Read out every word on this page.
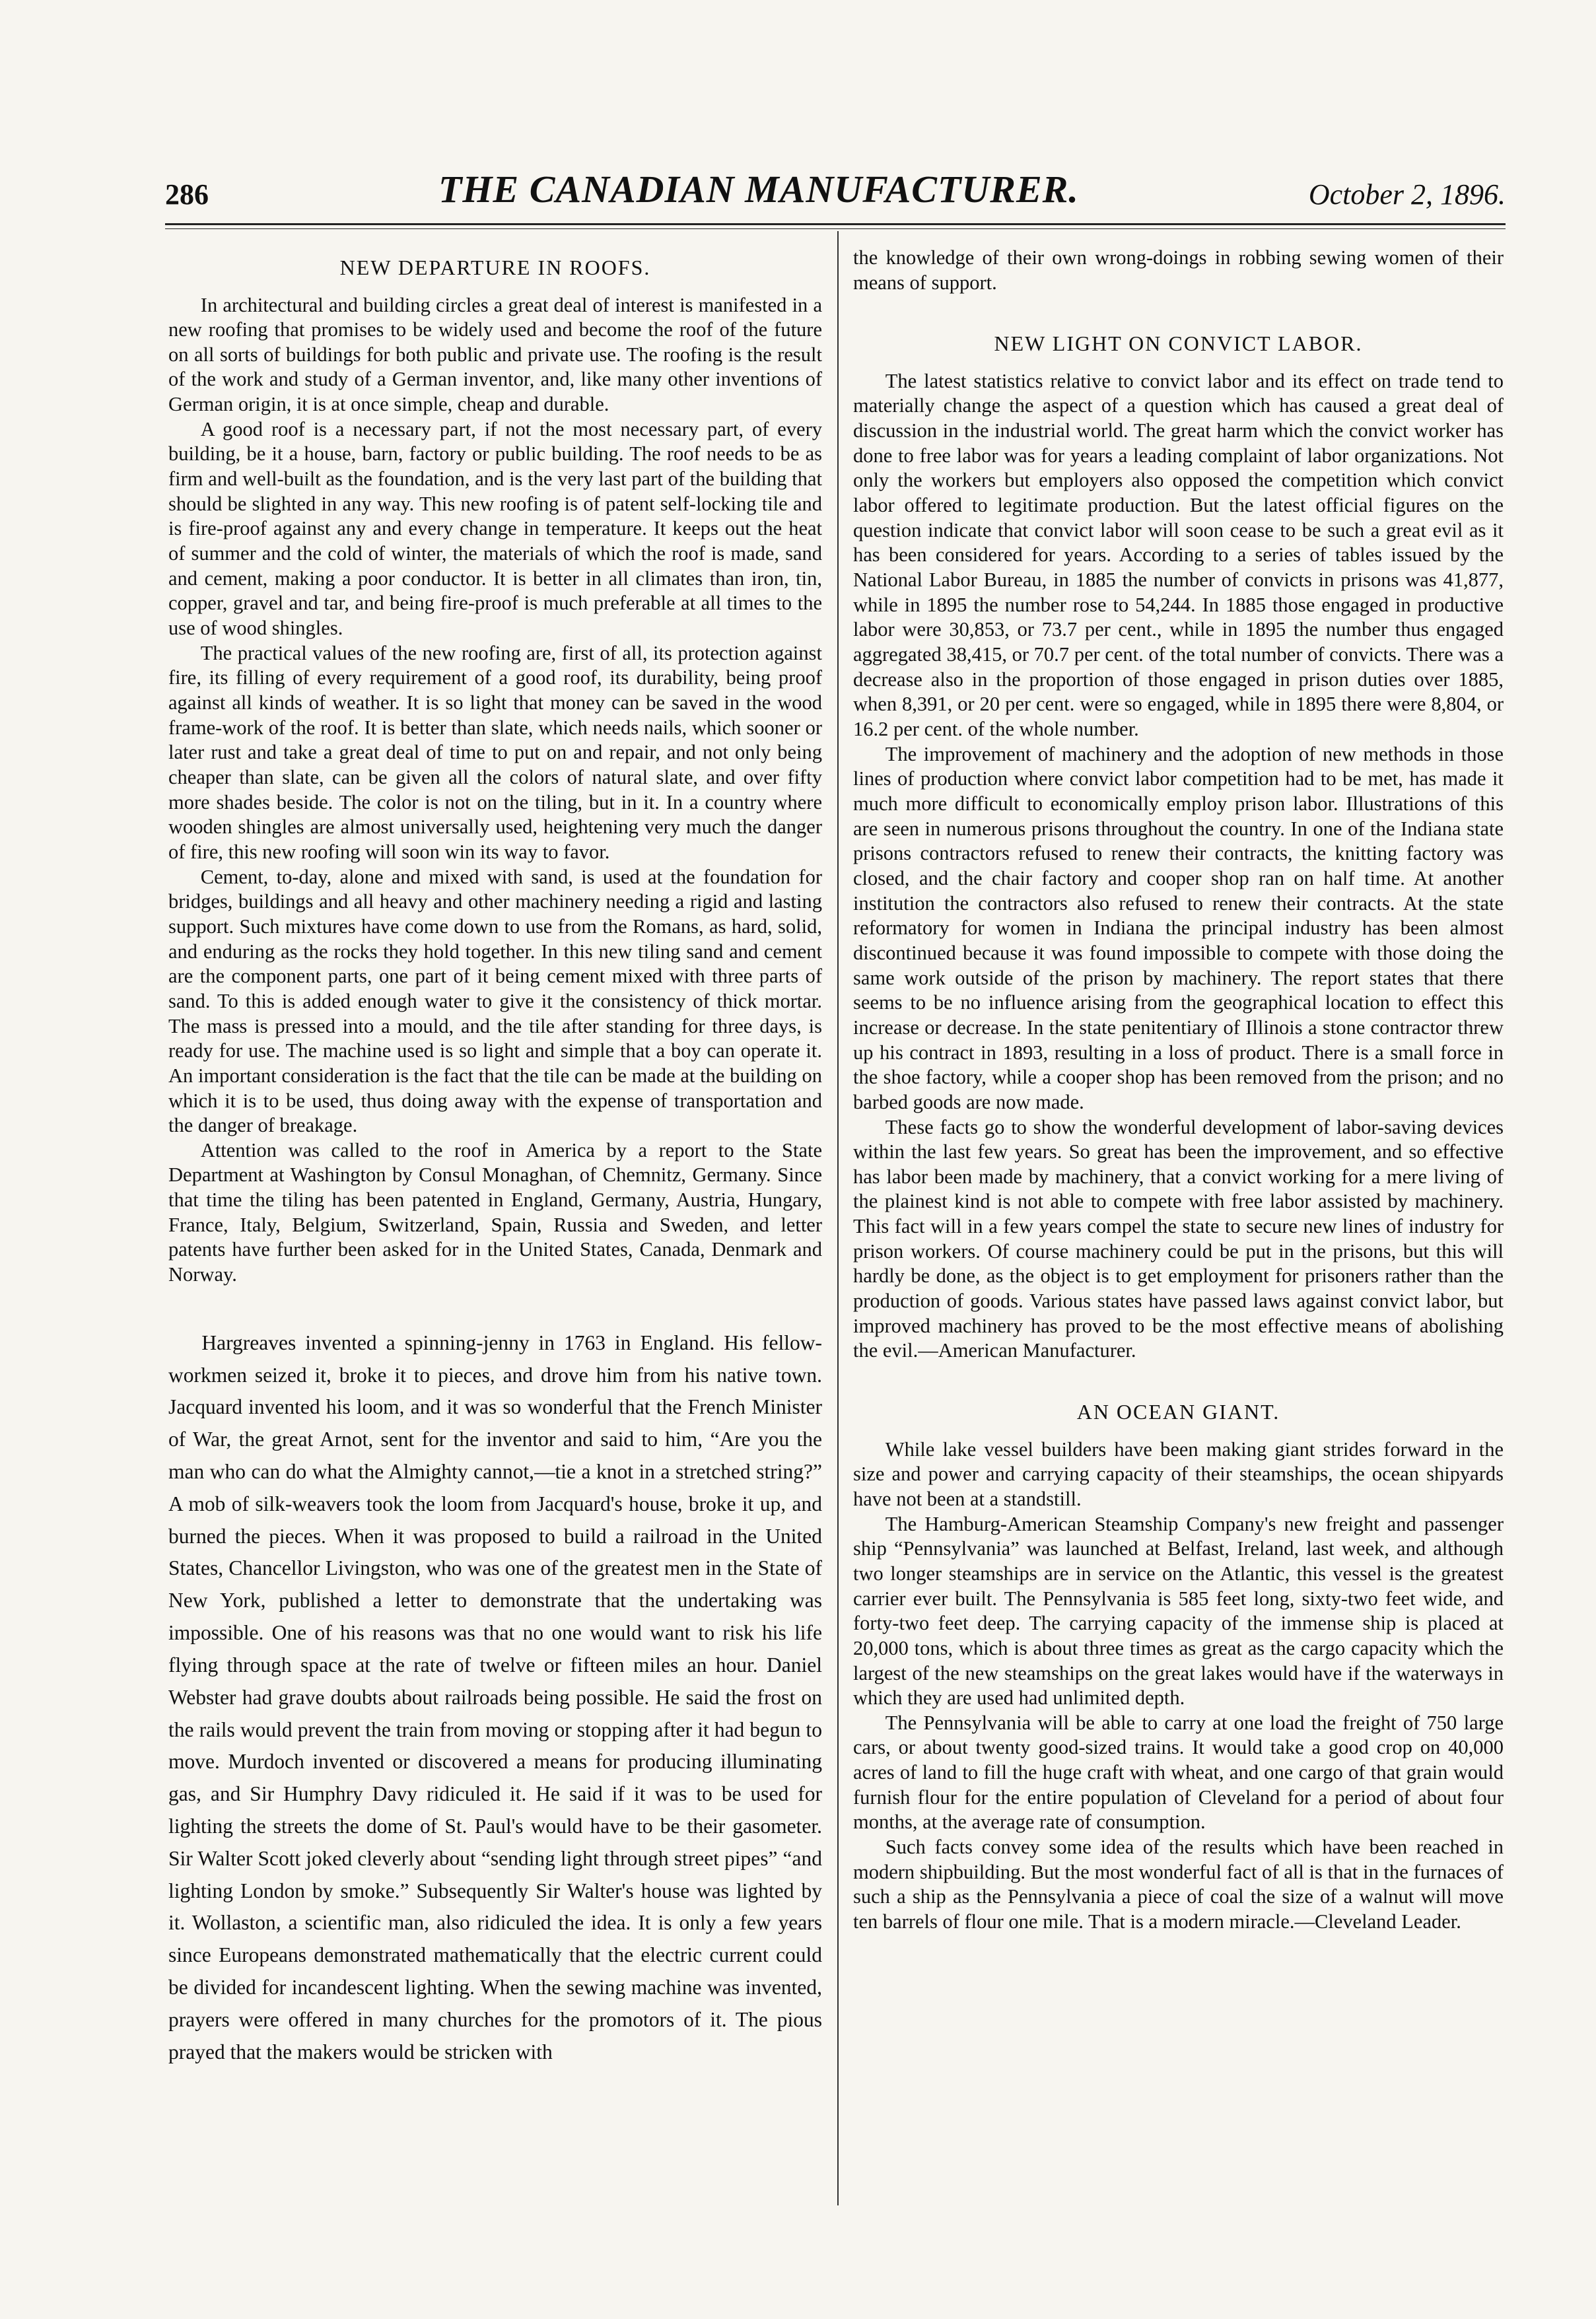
286	THE CANADIAN MANUFACTURER.	October 2, 1896.
NEW DEPARTURE IN ROOFS.

In architectural and building circles a great deal of interest is manifested in a new roofing that promises to be widely used and become the roof of the future on all sorts of buildings for both public and private use. The roofing is the result of the work and study of a German inventor, and, like many other inventions of German origin, it is at once simple, cheap and durable.

A good roof is a necessary part, if not the most necessary part, of every building, be it a house, barn, factory or public building. The roof needs to be as firm and well-built as the foundation, and is the very last part of the building that should be slighted in any way. This new roofing is of patent self-locking tile and is fire-proof against any and every change in temperature. It keeps out the heat of summer and the cold of winter, the materials of which the roof is made, sand and cement, making a poor conductor. It is better in all climates than iron, tin, copper, gravel and tar, and being fire-proof is much preferable at all times to the use of wood shingles.

The practical values of the new roofing are, first of all, its protection against fire, its filling of every requirement of a good roof, its durability, being proof against all kinds of weather. It is so light that money can be saved in the wood frame-work of the roof. It is better than slate, which needs nails, which sooner or later rust and take a great deal of time to put on and repair, and not only being cheaper than slate, can be given all the colors of natural slate, and over fifty more shades beside. The color is not on the tiling, but in it. In a country where wooden shingles are almost universally used, heightening very much the danger of fire, this new roofing will soon win its way to favor.

Cement, to-day, alone and mixed with sand, is used at the foundation for bridges, buildings and all heavy and other machinery needing a rigid and lasting support. Such mixtures have come down to use from the Romans, as hard, solid, and enduring as the rocks they hold together. In this new tiling sand and cement are the component parts, one part of it being cement mixed with three parts of sand. To this is added enough water to give it the consistency of thick mortar. The mass is pressed into a mould, and the tile after standing for three days, is ready for use. The machine used is so light and simple that a boy can operate it. An important consideration is the fact that the tile can be made at the building on which it is to be used, thus doing away with the expense of transportation and the danger of breakage.

Attention was called to the roof in America by a report to the State Department at Washington by Consul Monaghan, of Chemnitz, Germany. Since that time the tiling has been patented in England, Germany, Austria, Hungary, France, Italy, Belgium, Switzerland, Spain, Russia and Sweden, and letter patents have further been asked for in the United States, Canada, Denmark and Norway.

Hargreaves invented a spinning-jenny in 1763 in England. His fellow-workmen seized it, broke it to pieces, and drove him from his native town. Jacquard invented his loom, and it was so wonderful that the French Minister of War, the great Arnot, sent for the inventor and said to him, “Are you the man who can do what the Almighty cannot,—tie a knot in a stretched string?” A mob of silk-weavers took the loom from Jacquard's house, broke it up, and burned the pieces. When it was proposed to build a railroad in the United States, Chancellor Livingston, who was one of the greatest men in the State of New York, published a letter to demonstrate that the undertaking was impossible. One of his reasons was that no one would want to risk his life flying through space at the rate of twelve or fifteen miles an hour. Daniel Webster had grave doubts about railroads being possible. He said the frost on the rails would prevent the train from moving or stopping after it had begun to move. Murdoch invented or discovered a means for producing illuminating gas, and Sir Humphry Davy ridiculed it. He said if it was to be used for lighting the streets the dome of St. Paul's would have to be their gasometer. Sir Walter Scott joked cleverly about “sending light through street pipes” “and lighting London by smoke.” Subsequently Sir Walter's house was lighted by it. Wollaston, a scientific man, also ridiculed the idea. It is only a few years since Europeans demonstrated mathematically that the electric current could be divided for incandescent lighting. When the sewing machine was invented, prayers were offered in many churches for the promotors of it. The pious prayed that the makers would be stricken with

the knowledge of their own wrong-doings in robbing sewing women of their means of support.

NEW LIGHT ON CONVICT LABOR.

The latest statistics relative to convict labor and its effect on trade tend to materially change the aspect of a question which has caused a great deal of discussion in the industrial world. The great harm which the convict worker has done to free labor was for years a leading complaint of labor organizations. Not only the workers but employers also opposed the competition which convict labor offered to legitimate production. But the latest official figures on the question indicate that convict labor will soon cease to be such a great evil as it has been considered for years. According to a series of tables issued by the National Labor Bureau, in 1885 the number of convicts in prisons was 41,877, while in 1895 the number rose to 54,244. In 1885 those engaged in productive labor were 30,853, or 73.7 per cent., while in 1895 the number thus engaged aggregated 38,415, or 70.7 per cent. of the total number of convicts. There was a decrease also in the proportion of those engaged in prison duties over 1885, when 8,391, or 20 per cent. were so engaged, while in 1895 there were 8,804, or 16.2 per cent. of the whole number.

The improvement of machinery and the adoption of new methods in those lines of production where convict labor competition had to be met, has made it much more difficult to economically employ prison labor. Illustrations of this are seen in numerous prisons throughout the country. In one of the Indiana state prisons contractors refused to renew their contracts, the knitting factory was closed, and the chair factory and cooper shop ran on half time. At another institution the contractors also refused to renew their contracts. At the state reformatory for women in Indiana the principal industry has been almost discontinued because it was found impossible to compete with those doing the same work outside of the prison by machinery. The report states that there seems to be no influence arising from the geographical location to effect this increase or decrease. In the state penitentiary of Illinois a stone contractor threw up his contract in 1893, resulting in a loss of product. There is a small force in the shoe factory, while a cooper shop has been removed from the prison; and no barbed goods are now made.

These facts go to show the wonderful development of labor-saving devices within the last few years. So great has been the improvement, and so effective has labor been made by machinery, that a convict working for a mere living of the plainest kind is not able to compete with free labor assisted by machinery. This fact will in a few years compel the state to secure new lines of industry for prison workers. Of course machinery could be put in the prisons, but this will hardly be done, as the object is to get employment for prisoners rather than the production of goods. Various states have passed laws against convict labor, but improved machinery has proved to be the most effective means of abolishing the evil.—American Manufacturer.

AN OCEAN GIANT.

While lake vessel builders have been making giant strides forward in the size and power and carrying capacity of their steamships, the ocean shipyards have not been at a standstill.

The Hamburg-American Steamship Company's new freight and passenger ship “Pennsylvania” was launched at Belfast, Ireland, last week, and although two longer steamships are in service on the Atlantic, this vessel is the greatest carrier ever built. The Pennsylvania is 585 feet long, sixty-two feet wide, and forty-two feet deep. The carrying capacity of the immense ship is placed at 20,000 tons, which is about three times as great as the cargo capacity which the largest of the new steamships on the great lakes would have if the waterways in which they are used had unlimited depth.

The Pennsylvania will be able to carry at one load the freight of 750 large cars, or about twenty good-sized trains. It would take a good crop on 40,000 acres of land to fill the huge craft with wheat, and one cargo of that grain would furnish flour for the entire population of Cleveland for a period of about four months, at the average rate of consumption.

Such facts convey some idea of the results which have been reached in modern shipbuilding. But the most wonderful fact of all is that in the furnaces of such a ship as the Pennsylvania a piece of coal the size of a walnut will move ten barrels of flour one mile. That is a modern miracle.—Cleveland Leader.
